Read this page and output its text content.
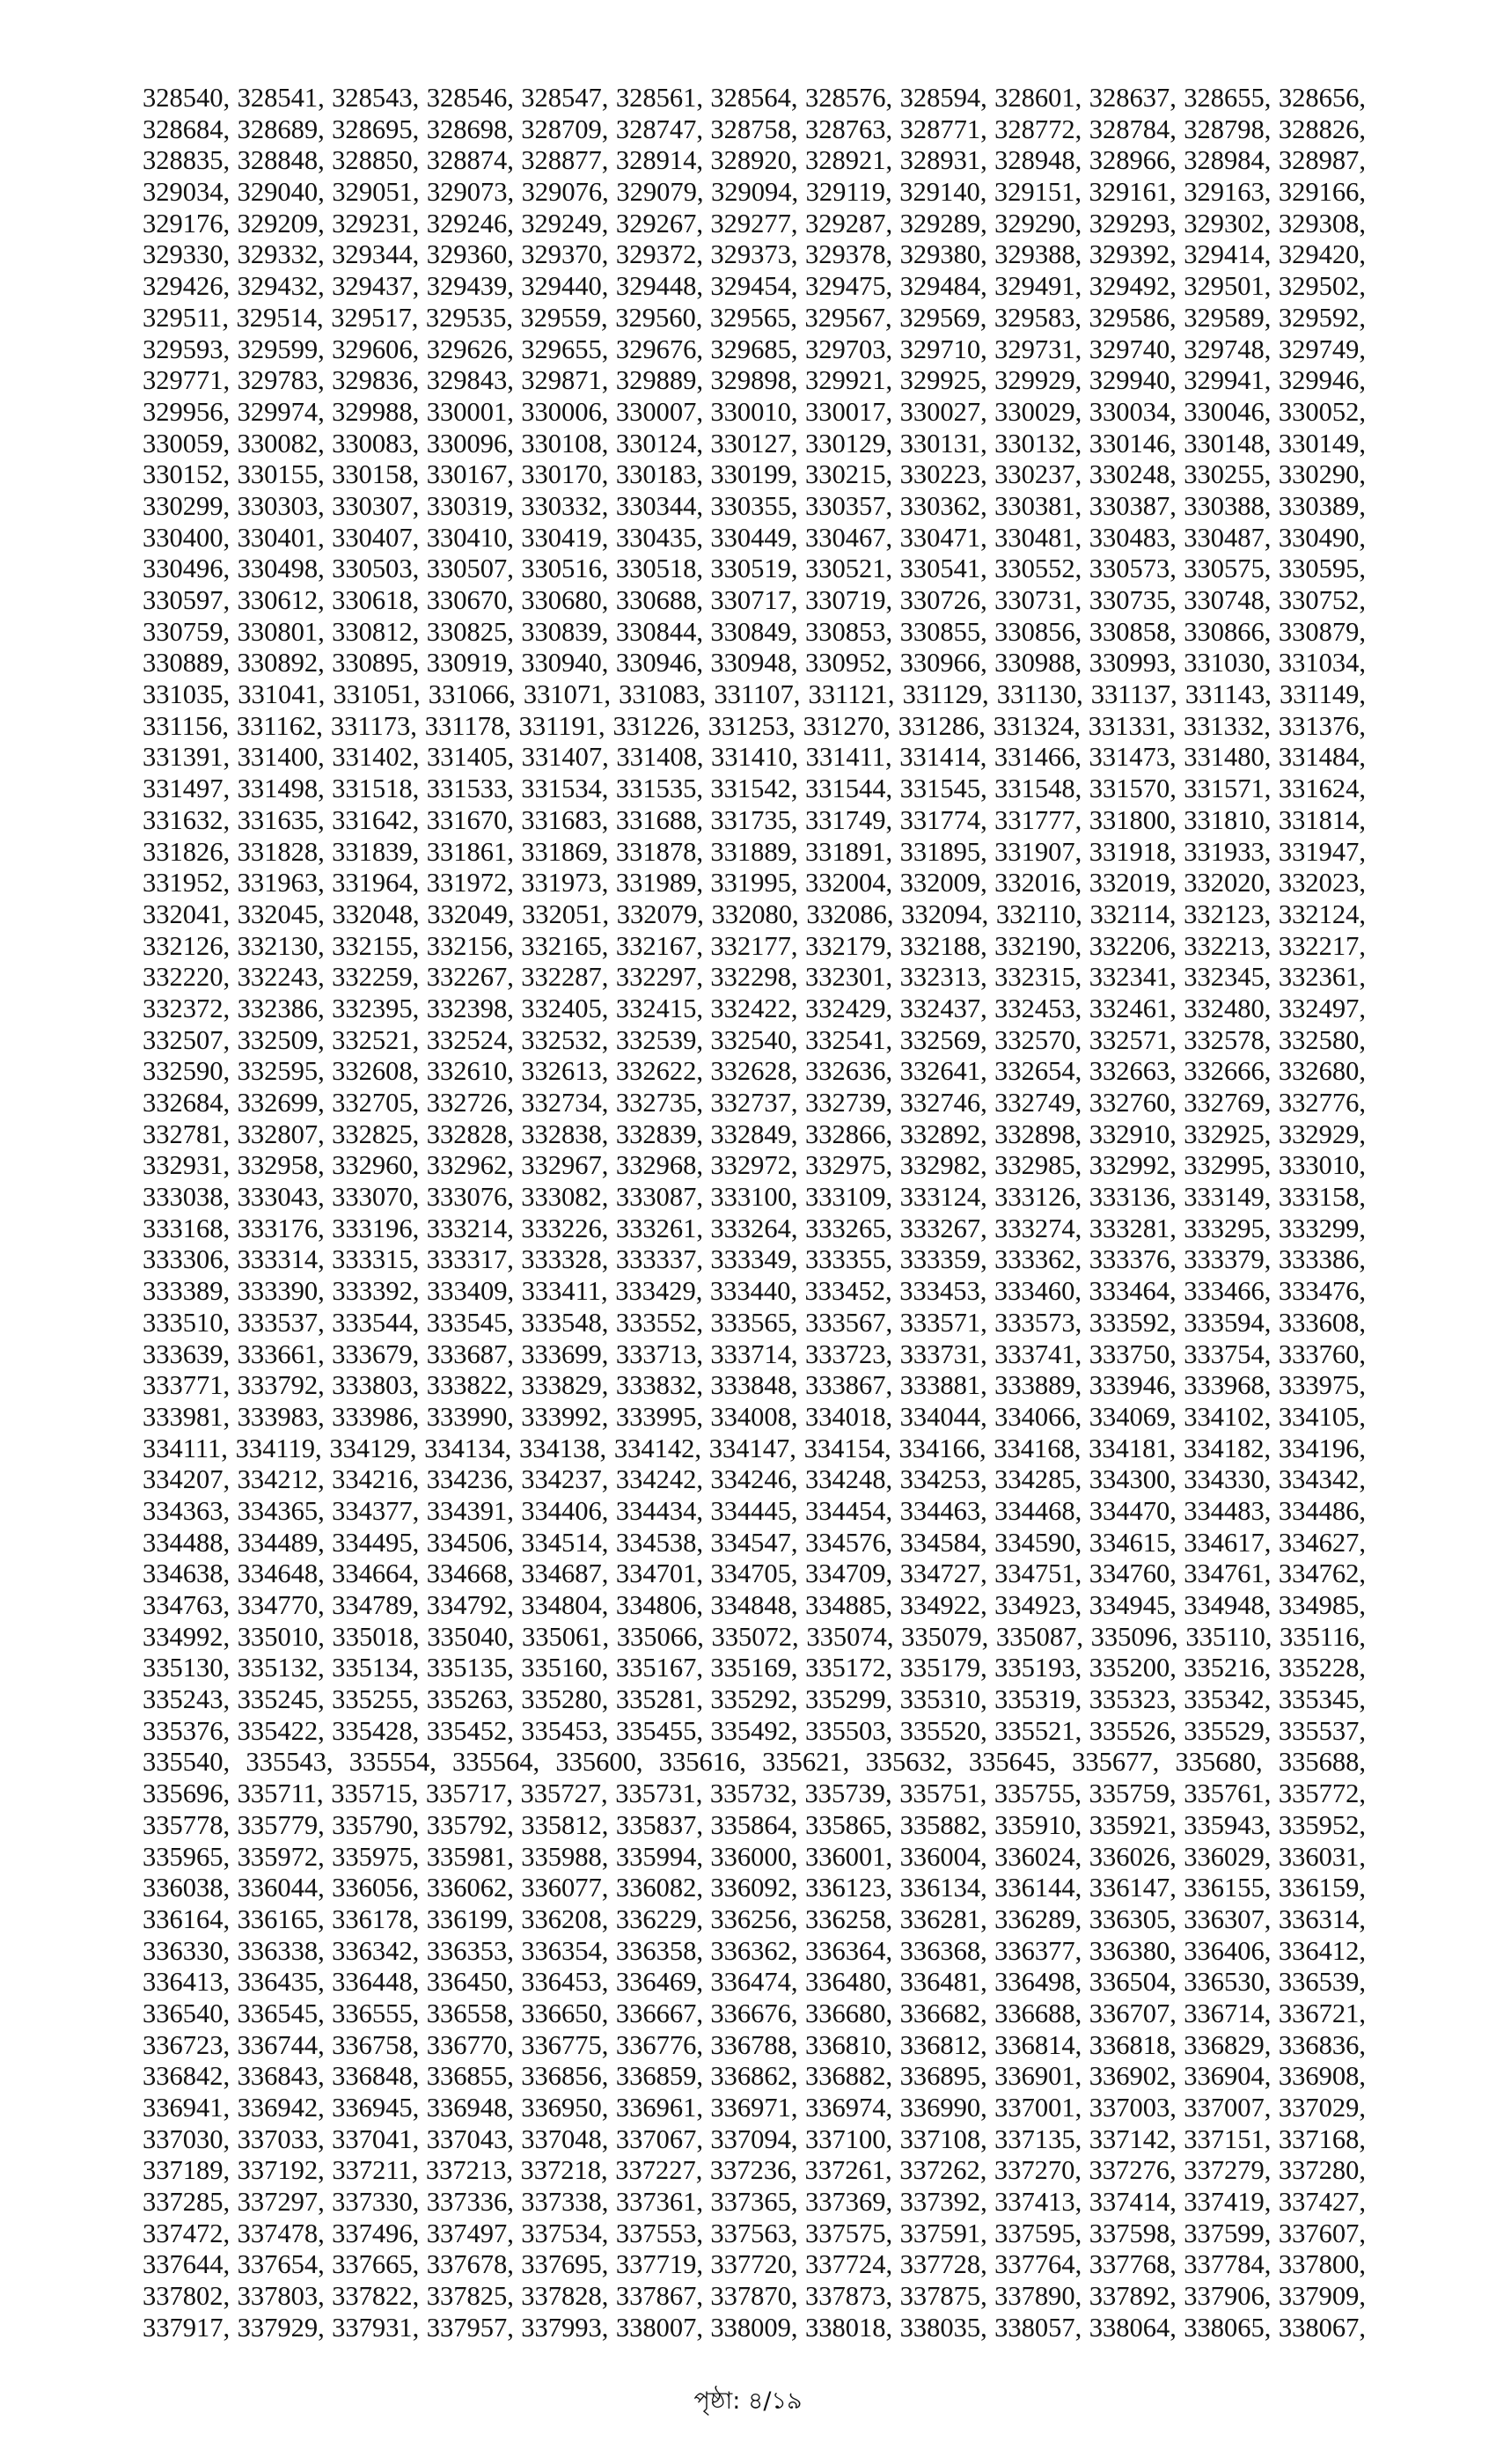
328540, 328541, 328543, 328546, 328547, 328561, 328564, 328576, 328594, 328601, 328637, 328655, 328656,
328684, 328689, 328695, 328698, 328709, 328747, 328758, 328763, 328771, 328772, 328784, 328798, 328826,
328835, 328848, 328850, 328874, 328877, 328914, 328920, 328921, 328931, 328948, 328966, 328984, 328987,
329034, 329040, 329051, 329073, 329076, 329079, 329094, 329119, 329140, 329151, 329161, 329163, 329166,
329176, 329209, 329231, 329246, 329249, 329267, 329277, 329287, 329289, 329290, 329293, 329302, 329308,
329330, 329332, 329344, 329360, 329370, 329372, 329373, 329378, 329380, 329388, 329392, 329414, 329420,
329426, 329432, 329437, 329439, 329440, 329448, 329454, 329475, 329484, 329491, 329492, 329501, 329502,
329511, 329514, 329517, 329535, 329559, 329560, 329565, 329567, 329569, 329583, 329586, 329589, 329592,
329593, 329599, 329606, 329626, 329655, 329676, 329685, 329703, 329710, 329731, 329740, 329748, 329749,
329771, 329783, 329836, 329843, 329871, 329889, 329898, 329921, 329925, 329929, 329940, 329941, 329946,
329956, 329974, 329988, 330001, 330006, 330007, 330010, 330017, 330027, 330029, 330034, 330046, 330052,
330059, 330082, 330083, 330096, 330108, 330124, 330127, 330129, 330131, 330132, 330146, 330148, 330149,
330152, 330155, 330158, 330167, 330170, 330183, 330199, 330215, 330223, 330237, 330248, 330255, 330290,
330299, 330303, 330307, 330319, 330332, 330344, 330355, 330357, 330362, 330381, 330387, 330388, 330389,
330400, 330401, 330407, 330410, 330419, 330435, 330449, 330467, 330471, 330481, 330483, 330487, 330490,
330496, 330498, 330503, 330507, 330516, 330518, 330519, 330521, 330541, 330552, 330573, 330575, 330595,
330597, 330612, 330618, 330670, 330680, 330688, 330717, 330719, 330726, 330731, 330735, 330748, 330752,
330759, 330801, 330812, 330825, 330839, 330844, 330849, 330853, 330855, 330856, 330858, 330866, 330879,
330889, 330892, 330895, 330919, 330940, 330946, 330948, 330952, 330966, 330988, 330993, 331030, 331034,
331035, 331041, 331051, 331066, 331071, 331083, 331107, 331121, 331129, 331130, 331137, 331143, 331149,
331156, 331162, 331173, 331178, 331191, 331226, 331253, 331270, 331286, 331324, 331331, 331332, 331376,
331391, 331400, 331402, 331405, 331407, 331408, 331410, 331411, 331414, 331466, 331473, 331480, 331484,
331497, 331498, 331518, 331533, 331534, 331535, 331542, 331544, 331545, 331548, 331570, 331571, 331624,
331632, 331635, 331642, 331670, 331683, 331688, 331735, 331749, 331774, 331777, 331800, 331810, 331814,
331826, 331828, 331839, 331861, 331869, 331878, 331889, 331891, 331895, 331907, 331918, 331933, 331947,
331952, 331963, 331964, 331972, 331973, 331989, 331995, 332004, 332009, 332016, 332019, 332020, 332023,
332041, 332045, 332048, 332049, 332051, 332079, 332080, 332086, 332094, 332110, 332114, 332123, 332124,
332126, 332130, 332155, 332156, 332165, 332167, 332177, 332179, 332188, 332190, 332206, 332213, 332217,
332220, 332243, 332259, 332267, 332287, 332297, 332298, 332301, 332313, 332315, 332341, 332345, 332361,
332372, 332386, 332395, 332398, 332405, 332415, 332422, 332429, 332437, 332453, 332461, 332480, 332497,
332507, 332509, 332521, 332524, 332532, 332539, 332540, 332541, 332569, 332570, 332571, 332578, 332580,
332590, 332595, 332608, 332610, 332613, 332622, 332628, 332636, 332641, 332654, 332663, 332666, 332680,
332684, 332699, 332705, 332726, 332734, 332735, 332737, 332739, 332746, 332749, 332760, 332769, 332776,
332781, 332807, 332825, 332828, 332838, 332839, 332849, 332866, 332892, 332898, 332910, 332925, 332929,
332931, 332958, 332960, 332962, 332967, 332968, 332972, 332975, 332982, 332985, 332992, 332995, 333010,
333038, 333043, 333070, 333076, 333082, 333087, 333100, 333109, 333124, 333126, 333136, 333149, 333158,
333168, 333176, 333196, 333214, 333226, 333261, 333264, 333265, 333267, 333274, 333281, 333295, 333299,
333306, 333314, 333315, 333317, 333328, 333337, 333349, 333355, 333359, 333362, 333376, 333379, 333386,
333389, 333390, 333392, 333409, 333411, 333429, 333440, 333452, 333453, 333460, 333464, 333466, 333476,
333510, 333537, 333544, 333545, 333548, 333552, 333565, 333567, 333571, 333573, 333592, 333594, 333608,
333639, 333661, 333679, 333687, 333699, 333713, 333714, 333723, 333731, 333741, 333750, 333754, 333760,
333771, 333792, 333803, 333822, 333829, 333832, 333848, 333867, 333881, 333889, 333946, 333968, 333975,
333981, 333983, 333986, 333990, 333992, 333995, 334008, 334018, 334044, 334066, 334069, 334102, 334105,
334111, 334119, 334129, 334134, 334138, 334142, 334147, 334154, 334166, 334168, 334181, 334182, 334196,
334207, 334212, 334216, 334236, 334237, 334242, 334246, 334248, 334253, 334285, 334300, 334330, 334342,
334363, 334365, 334377, 334391, 334406, 334434, 334445, 334454, 334463, 334468, 334470, 334483, 334486,
334488, 334489, 334495, 334506, 334514, 334538, 334547, 334576, 334584, 334590, 334615, 334617, 334627,
334638, 334648, 334664, 334668, 334687, 334701, 334705, 334709, 334727, 334751, 334760, 334761, 334762,
334763, 334770, 334789, 334792, 334804, 334806, 334848, 334885, 334922, 334923, 334945, 334948, 334985,
334992, 335010, 335018, 335040, 335061, 335066, 335072, 335074, 335079, 335087, 335096, 335110, 335116,
335130, 335132, 335134, 335135, 335160, 335167, 335169, 335172, 335179, 335193, 335200, 335216, 335228,
335243, 335245, 335255, 335263, 335280, 335281, 335292, 335299, 335310, 335319, 335323, 335342, 335345,
335376, 335422, 335428, 335452, 335453, 335455, 335492, 335503, 335520, 335521, 335526, 335529, 335537,
335540, 335543, 335554, 335564, 335600, 335616, 335621, 335632, 335645, 335677, 335680, 335688,
335696, 335711, 335715, 335717, 335727, 335731, 335732, 335739, 335751, 335755, 335759, 335761, 335772,
335778, 335779, 335790, 335792, 335812, 335837, 335864, 335865, 335882, 335910, 335921, 335943, 335952,
335965, 335972, 335975, 335981, 335988, 335994, 336000, 336001, 336004, 336024, 336026, 336029, 336031,
336038, 336044, 336056, 336062, 336077, 336082, 336092, 336123, 336134, 336144, 336147, 336155, 336159,
336164, 336165, 336178, 336199, 336208, 336229, 336256, 336258, 336281, 336289, 336305, 336307, 336314,
336330, 336338, 336342, 336353, 336354, 336358, 336362, 336364, 336368, 336377, 336380, 336406, 336412,
336413, 336435, 336448, 336450, 336453, 336469, 336474, 336480, 336481, 336498, 336504, 336530, 336539,
336540, 336545, 336555, 336558, 336650, 336667, 336676, 336680, 336682, 336688, 336707, 336714, 336721,
336723, 336744, 336758, 336770, 336775, 336776, 336788, 336810, 336812, 336814, 336818, 336829, 336836,
336842, 336843, 336848, 336855, 336856, 336859, 336862, 336882, 336895, 336901, 336902, 336904, 336908,
336941, 336942, 336945, 336948, 336950, 336961, 336971, 336974, 336990, 337001, 337003, 337007, 337029,
337030, 337033, 337041, 337043, 337048, 337067, 337094, 337100, 337108, 337135, 337142, 337151, 337168,
337189, 337192, 337211, 337213, 337218, 337227, 337236, 337261, 337262, 337270, 337276, 337279, 337280,
337285, 337297, 337330, 337336, 337338, 337361, 337365, 337369, 337392, 337413, 337414, 337419, 337427,
337472, 337478, 337496, 337497, 337534, 337553, 337563, 337575, 337591, 337595, 337598, 337599, 337607,
337644, 337654, 337665, 337678, 337695, 337719, 337720, 337724, 337728, 337764, 337768, 337784, 337800,
337802, 337803, 337822, 337825, 337828, 337867, 337870, 337873, 337875, 337890, 337892, 337906, 337909,
337917, 337929, 337931, 337957, 337993, 338007, 338009, 338018, 338035, 338057, 338064, 338065, 338067,
পৃষ্ঠা: ৪/১৯
